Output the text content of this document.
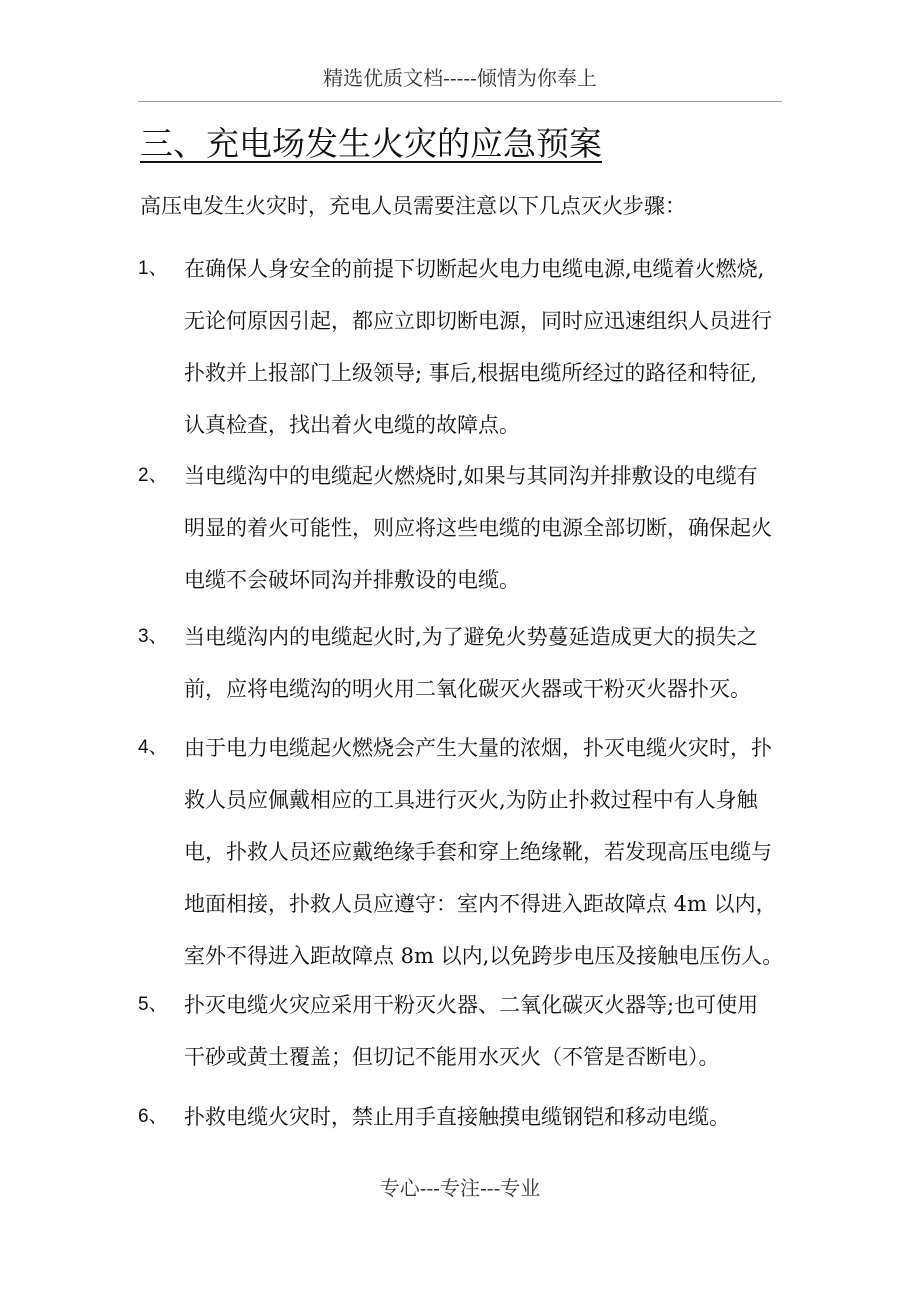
精选优质文档-----倾情为你奉上
三、充电场发生火灾的应急预案
高压电发生火灾时，充电人员需要注意以下几点灭火步骤：
1、 在确保人身安全的前提下切断起火电力电缆电源,电缆着火燃烧,
无论何原因引起，都应立即切断电源，同时应迅速组织人员进行
扑救并上报部门上级领导; 事后,根据电缆所经过的路径和特征,
认真检查，找出着火电缆的故障点。
2、 当电缆沟中的电缆起火燃烧时,如果与其同沟并排敷设的电缆有
明显的着火可能性，则应将这些电缆的电源全部切断，确保起火
电缆不会破坏同沟并排敷设的电缆。
3、 当电缆沟内的电缆起火时,为了避免火势蔓延造成更大的损失之
前，应将电缆沟的明火用二氧化碳灭火器或干粉灭火器扑灭。
4、 由于电力电缆起火燃烧会产生大量的浓烟，扑灭电缆火灾时，扑
救人员应佩戴相应的工具进行灭火,为防止扑救过程中有人身触
电，扑救人员还应戴绝缘手套和穿上绝缘靴，若发现高压电缆与
地面相接，扑救人员应遵守：室内不得进入距故障点 4m 以内，
室外不得进入距故障点 8m 以内,以免跨步电压及接触电压伤人。
5、 扑灭电缆火灾应采用干粉灭火器、二氧化碳灭火器等;也可使用
干砂或黄土覆盖；但切记不能用水灭火（不管是否断电）。
6、 扑救电缆火灾时，禁止用手直接触摸电缆钢铠和移动电缆。
专心---专注---专业
